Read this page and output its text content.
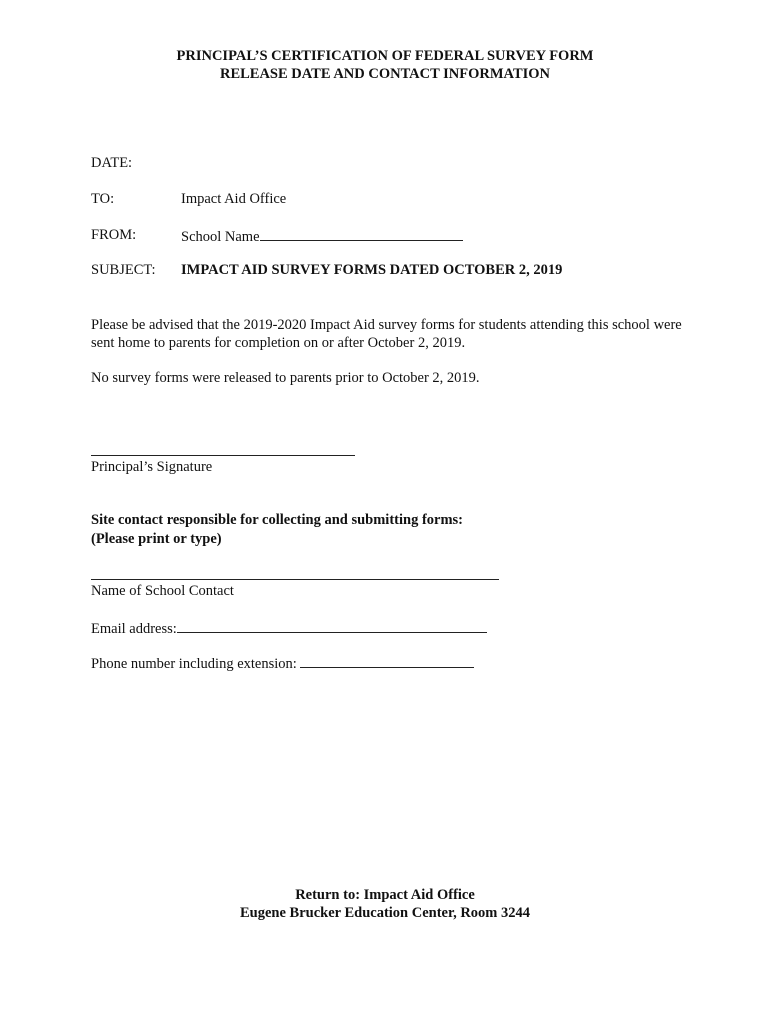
PRINCIPAL’S CERTIFICATION OF FEDERAL SURVEY FORM
RELEASE DATE AND CONTACT INFORMATION
DATE:
TO:	Impact Aid Office
FROM:	School Name
SUBJECT: IMPACT AID SURVEY FORMS DATED OCTOBER 2, 2019
Please be advised that the 2019-2020 Impact Aid survey forms for students attending this school were sent home to parents for completion on or after October 2, 2019.
No survey forms were released to parents prior to October 2, 2019.
Principal’s Signature
Site contact responsible for collecting and submitting forms:
(Please print or type)
Name of School Contact
Email address:
Phone number including extension:
Return to: Impact Aid Office
Eugene Brucker Education Center, Room 3244
